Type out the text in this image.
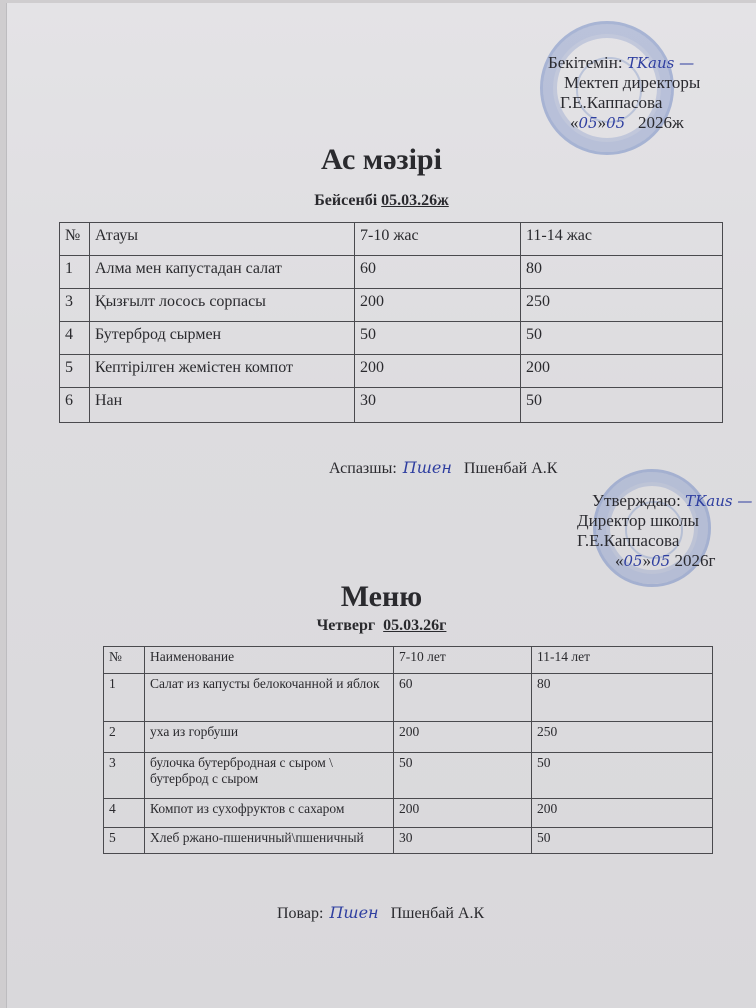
Бекітемін: TKaus —
Мектеп директоры
Г.Е.Каппасова
«05»05 2026ж
Ас мәзірі
Бейсенбі 05.03.26ж
№	Атауы	7-10 жас	11-14 жас
1	Алма мен капустадан салат	60	80
3	Қызғылт лосось сорпасы	200	250
4	Бутерброд сырмен	50	50
5	Кептірілген жемістен компот	200	200
6	Нан	30	50
Аспазшы: Пшен Пшенбай А.К
Утверждаю: TKaus —
Директор школы
Г.Е.Каппасова
«05»05 2026г
Меню
Четверг 05.03.26г
№	Наименование	7-10 лет	11-14 лет
1	Салат из капусты белокочанной и яблок	60	80
2	уха из горбуши	200	250
3	булочка бутербродная с сыром \ бутерброд с сыром	50	50
4	Компот из сухофруктов с сахаром	200	200
5	Хлеб ржано-пшеничный\пшеничный	30	50
Повар: Пшен Пшенбай А.К
